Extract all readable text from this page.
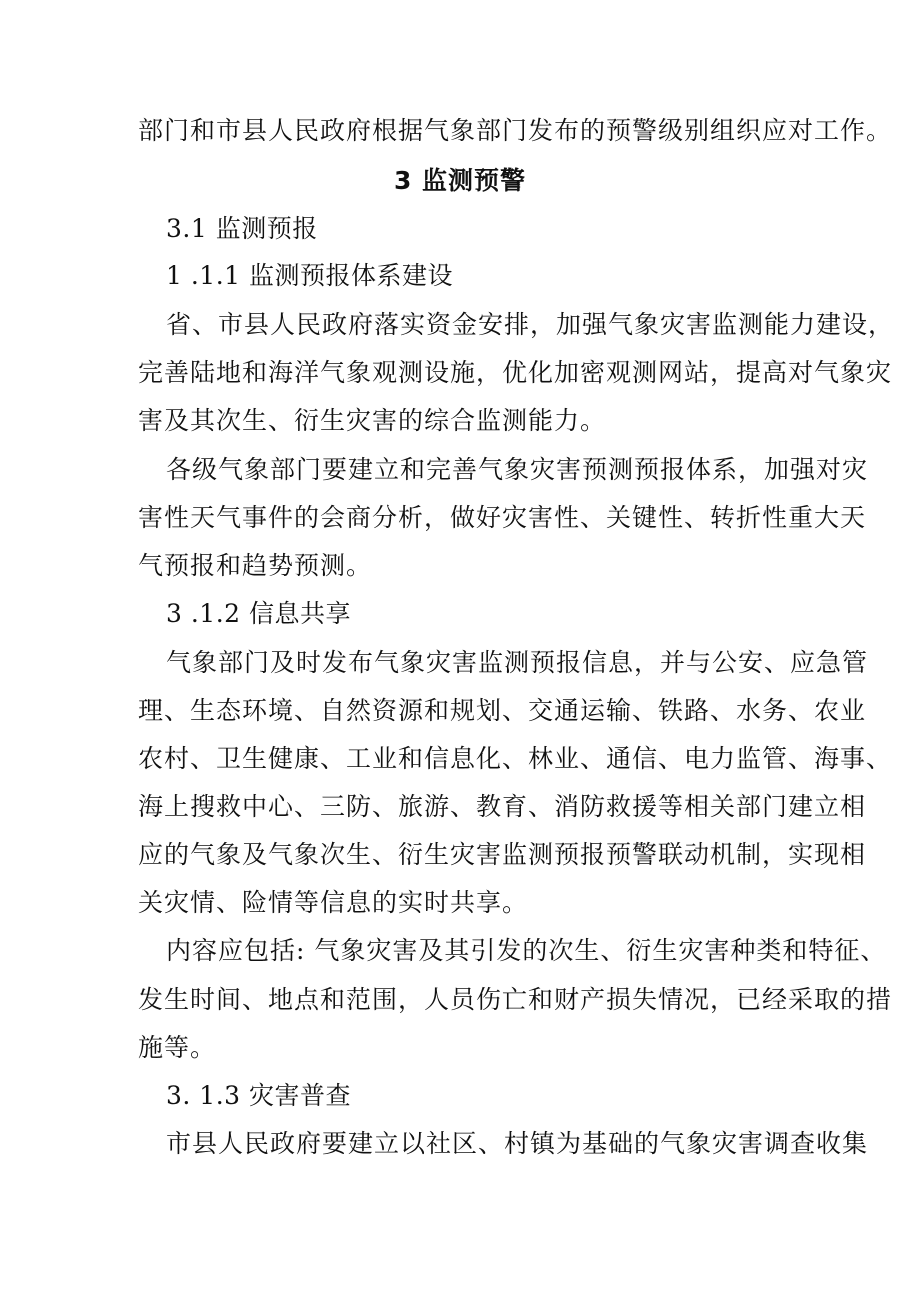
部门和市县人民政府根据气象部门发布的预警级别组织应对工作。
3 监测预警
3.1 监测预报
1 .1.1 监测预报体系建设
省、市县人民政府落实资金安排，加强气象灾害监测能力建设，
完善陆地和海洋气象观测设施，优化加密观测网站，提高对气象灾
害及其次生、衍生灾害的综合监测能力。
各级气象部门要建立和完善气象灾害预测预报体系，加强对灾
害性天气事件的会商分析，做好灾害性、关键性、转折性重大天
气预报和趋势预测。
3 .1.2 信息共享
气象部门及时发布气象灾害监测预报信息，并与公安、应急管
理、生态环境、自然资源和规划、交通运输、铁路、水务、农业
农村、卫生健康、工业和信息化、林业、通信、电力监管、海事、
海上搜救中心、三防、旅游、教育、消防救援等相关部门建立相
应的气象及气象次生、衍生灾害监测预报预警联动机制，实现相
关灾情、险情等信息的实时共享。
内容应包括: 气象灾害及其引发的次生、衍生灾害种类和特征、
发生时间、地点和范围，人员伤亡和财产损失情况，已经采取的措
施等。
3. 1.3 灾害普查
市县人民政府要建立以社区、村镇为基础的气象灾害调查收集
